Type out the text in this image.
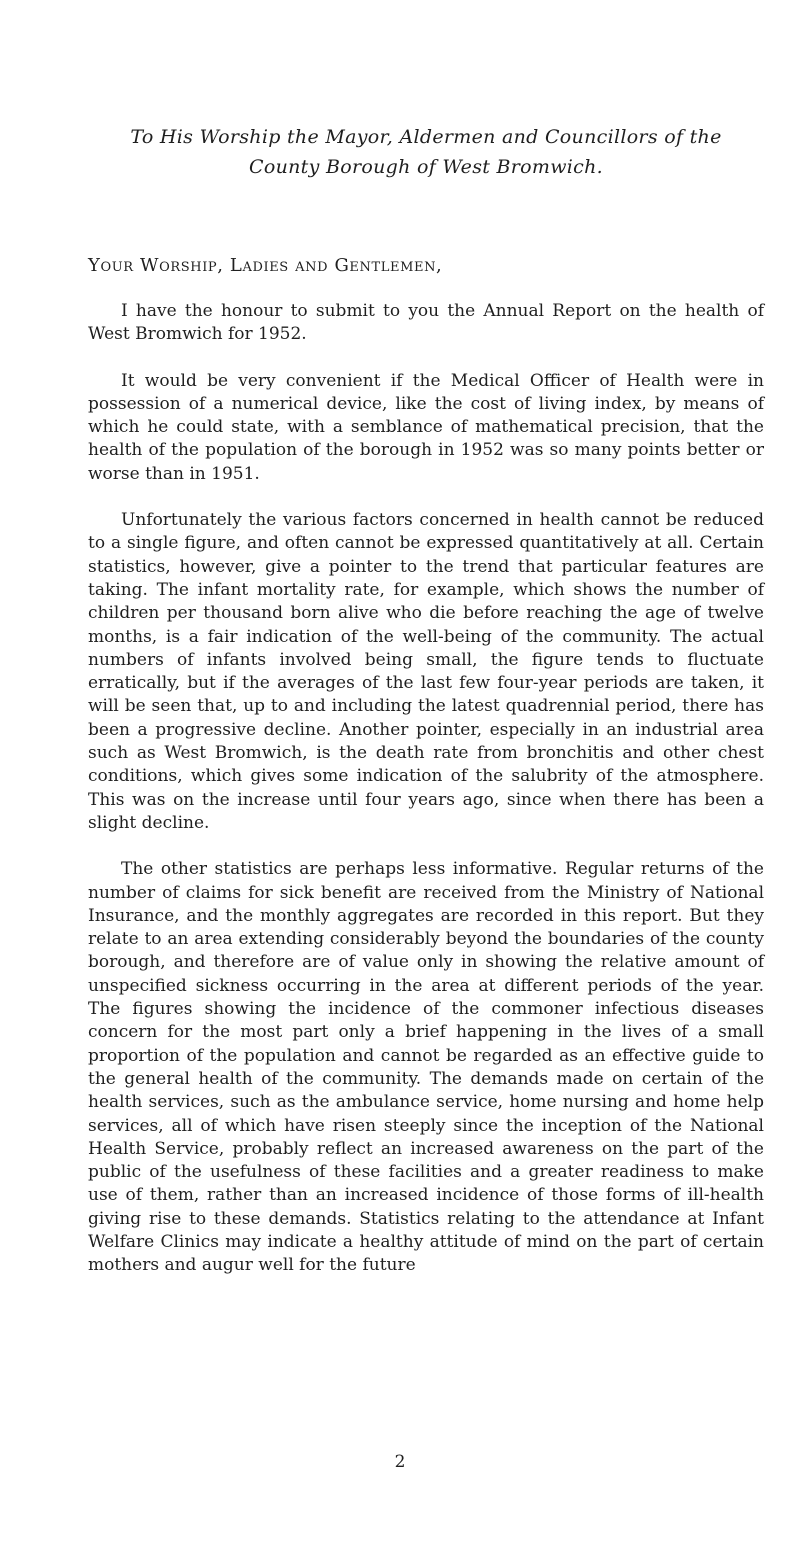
To His Worship the Mayor, Aldermen and Councillors of the
County Borough of West Bromwich.
Your Worship, Ladies and Gentlemen,

I have the honour to submit to you the Annual Report on the health of West Bromwich for 1952.

It would be very convenient if the Medical Officer of Health were in possession of a numerical device, like the cost of living index, by means of which he could state, with a semblance of mathematical precision, that the health of the population of the borough in 1952 was so many points better or worse than in 1951.

Unfortunately the various factors concerned in health cannot be reduced to a single figure, and often cannot be expressed quantitatively at all. Certain statistics, however, give a pointer to the trend that particular features are taking. The infant mortality rate, for example, which shows the number of children per thousand born alive who die before reaching the age of twelve months, is a fair indication of the well-being of the community. The actual numbers of infants involved being small, the figure tends to fluctuate erratically, but if the averages of the last few four-year periods are taken, it will be seen that, up to and including the latest quadrennial period, there has been a progressive decline. Another pointer, especially in an industrial area such as West Bromwich, is the death rate from bronchitis and other chest conditions, which gives some indication of the salubrity of the atmosphere. This was on the increase until four years ago, since when there has been a slight decline.

The other statistics are perhaps less informative. Regular returns of the number of claims for sick benefit are received from the Ministry of National Insurance, and the monthly aggregates are recorded in this report. But they relate to an area extending considerably beyond the boundaries of the county borough, and therefore are of value only in showing the relative amount of unspecified sickness occurring in the area at different periods of the year. The figures showing the incidence of the commoner infectious diseases concern for the most part only a brief happening in the lives of a small proportion of the population and cannot be regarded as an effective guide to the general health of the community. The demands made on certain of the health services, such as the ambulance service, home nursing and home help services, all of which have risen steeply since the inception of the National Health Service, probably reflect an increased awareness on the part of the public of the usefulness of these facilities and a greater readiness to make use of them, rather than an increased incidence of those forms of ill-health giving rise to these demands. Statistics relating to the attendance at Infant Welfare Clinics may indicate a healthy attitude of mind on the part of certain mothers and augur well for the future

2
